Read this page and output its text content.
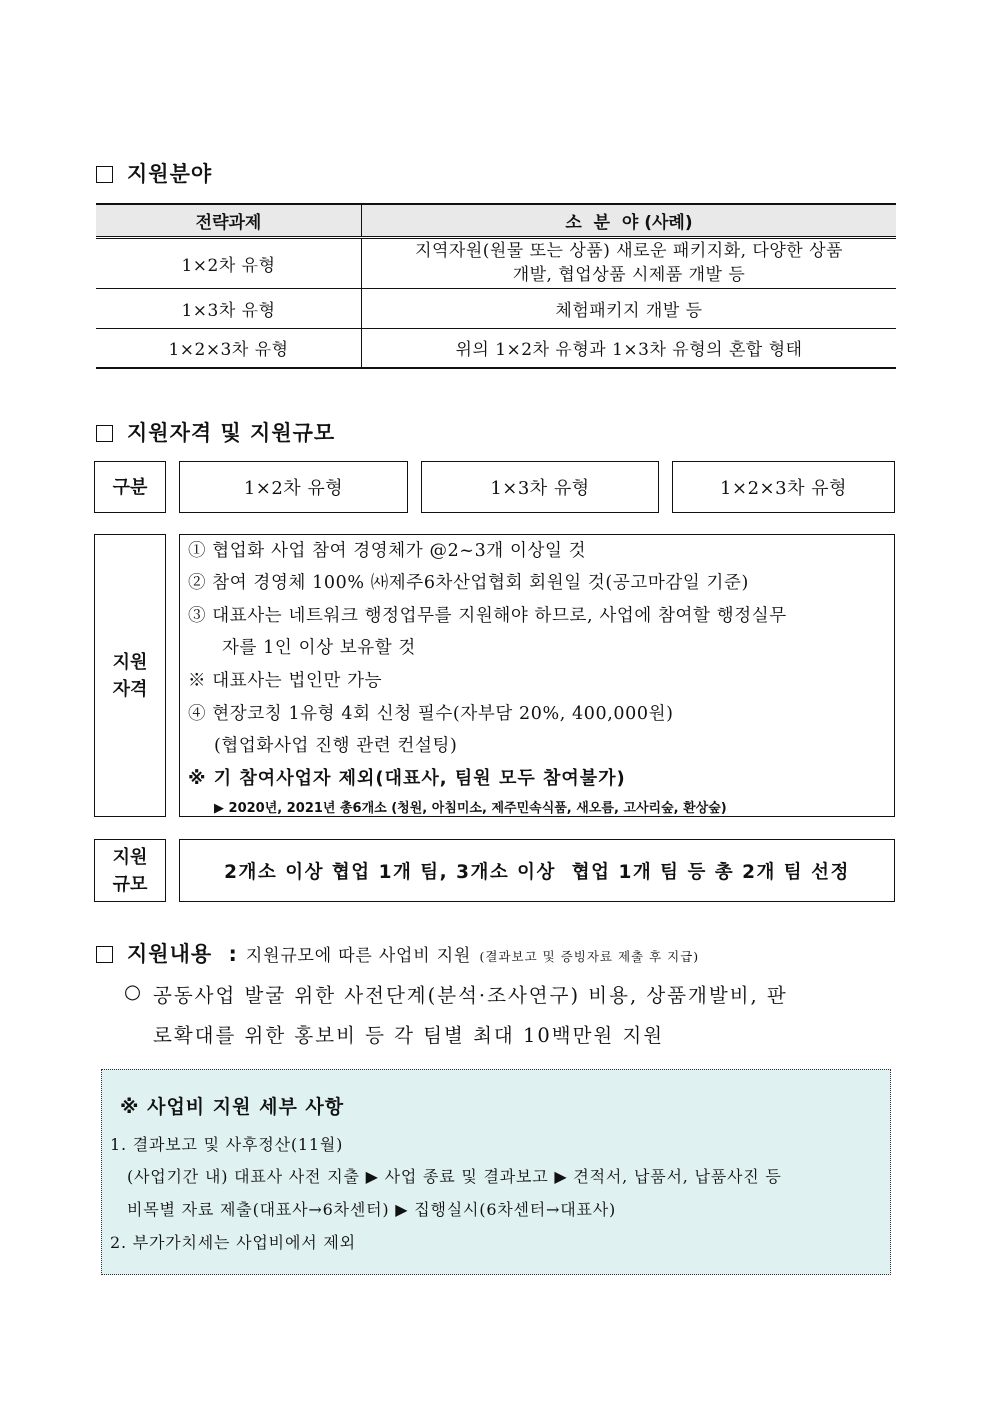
지원분야
전략과제	소  분  야 (사례)
1×2차 유형	지역자원(원물 또는 상품) 새로운 패키지화, 다양한 상품
개발, 협업상품 시제품 개발 등

1×3차 유형	체험패키지 개발 등
1×2×3차 유형	위의 1×2차 유형과 1×3차 유형의 혼합 형태
지원자격 및 지원규모
구분	1×2차 유형	1×3차 유형	1×2×3차 유형
지원
자격
① 협업화 사업 참여 경영체가 @2~3개 이상일 것
② 참여 경영체 100% ㈔제주6차산업협회 회원일 것(공고마감일 기준)
③ 대표사는 네트워크 행정업무를 지원해야 하므로, 사업에 참여할 행정실무
자를 1인 이상 보유할 것
※ 대표사는 법인만 가능
④ 현장코칭 1유형 4회 신청 필수(자부담 20%, 400,000원)
(협업화사업 진행 관련 컨설팅)
※ 기 참여사업자 제외(대표사, 팀원 모두 참여불가)
▶ 2020년, 2021년 총6개소 (청원, 아침미소, 제주민속식품, 새오름, 고사리숲, 환상숲)
지원
규모
2개소 이상 협업 1개 팀, 3개소 이상  협업 1개 팀 등 총 2개 팀 선정
지원내용 : 지원규모에 따른 사업비 지원 (결과보고 및 증빙자료 제출 후 지급)
○ 공동사업 발굴 위한 사전단계(분석·조사연구) 비용, 상품개발비, 판
로확대를 위한 홍보비 등 각 팀별 최대 10백만원 지원
※ 사업비 지원 세부 사항
1. 결과보고 및 사후정산(11월)
(사업기간 내) 대표사 사전 지출 ▶ 사업 종료 및 결과보고 ▶ 견적서, 납품서, 납품사진 등
비목별 자료 제출(대표사→6차센터) ▶ 집행실시(6차센터→대표사)
2. 부가가치세는 사업비에서 제외
